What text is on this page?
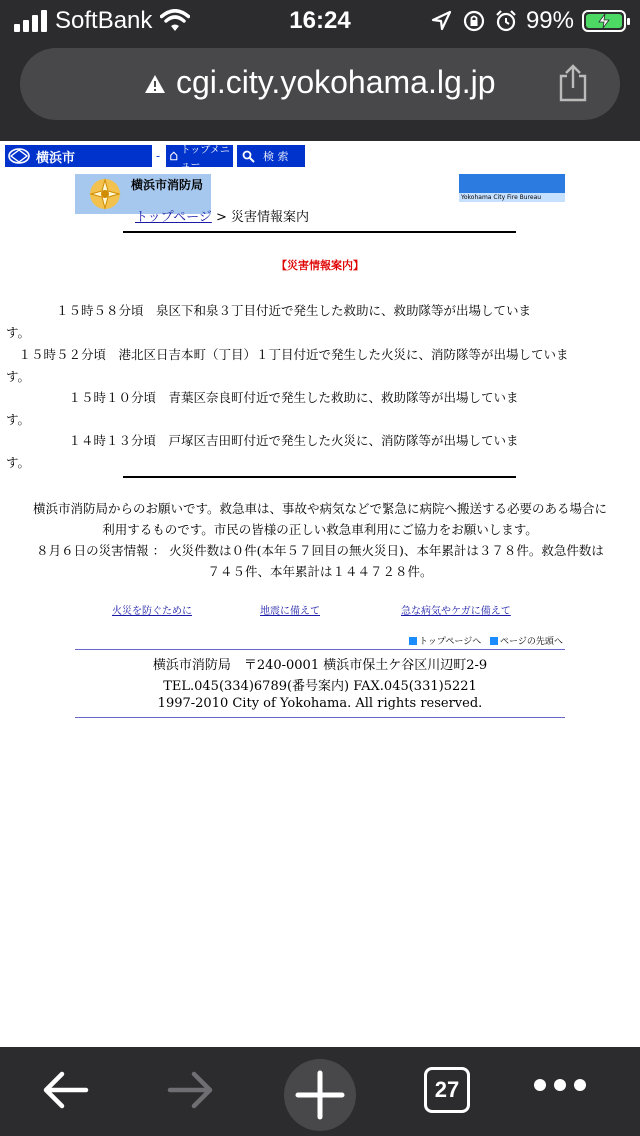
SoftBank	16:24	99%
cgi.city.yokohama.lg.jp
横浜市	- トップメニュー
検 索
横浜市消防局
Yokohama City Fire Bureau
トップページ > 災害情報案内
【災害情報案内】
　　　　１５時５８分頃　泉区下和泉３丁目付近で発生した救助に、救助隊等が出場していま
す。
　１５時５２分頃　港北区日吉本町（丁目）１丁目付近で発生した火災に、消防隊等が出場していま
す。
　　　　　１５時１０分頃　青葉区奈良町付近で発生した救助に、救助隊等が出場していま
す。
　　　　　１４時１３分頃　戸塚区吉田町付近で発生した火災に、消防隊等が出場していま
す。
横浜市消防局からのお願いです。救急車は、事故や病気などで緊急に病院へ搬送する必要のある場合に
利用するものです。市民の皆様の正しい救急車利用にご協力をお願いします。
８月６日の災害情報 ： 火災件数は０件(本年５７回目の無火災日)、本年累計は３７８件。救急件数は
７４５件、本年累計は１４４７２８件。
火災を防ぐために	地震に備えて	急な病気やケガに備えて
トップページへ ページの先頭へ
横浜市消防局　〒240-0001 横浜市保土ケ谷区川辺町2-9
TEL.045(334)6789(番号案内) FAX.045(331)5221
1997-2010 City of Yokohama. All rights reserved.
27
